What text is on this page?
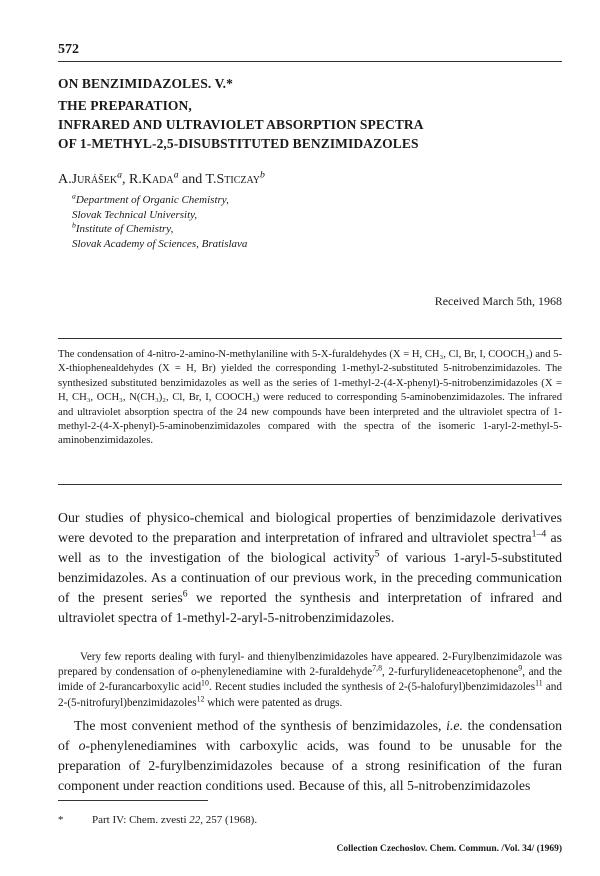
572
ON BENZIMIDAZOLES. V.*
THE PREPARATION,
INFRARED AND ULTRAVIOLET ABSORPTION SPECTRA
OF 1-METHYL-2,5-DISUBSTITUTED BENZIMIDAZOLES
A.Jurášek$^a$, R.Kada$^a$ and T.Sticzay$^b$
$^a$Department of Organic Chemistry,
Slovak Technical University,
$^b$Institute of Chemistry,
Slovak Academy of Sciences, Bratislava
Received March 5th, 1968
The condensation of 4-nitro-2-amino-N-methylaniline with 5-X-furaldehydes (X = H, CH₃, Cl, Br, I, COOCH₃) and 5-X-thiophenealdehydes (X = H, Br) yielded the corresponding 1-methyl-2-substituted 5-nitrobenzimidazoles. The synthesized substituted benzimidazoles as well as the series of 1-methyl-2-(4-X-phenyl)-5-nitrobenzimidazoles (X = H, CH₃, OCH₃, N(CH₃)₂, Cl, Br, I, COOCH₃) were reduced to corresponding 5-aminobenzimidazoles. The infrared and ultraviolet absorption spectra of the 24 new compounds have been interpreted and the ultraviolet spectra of 1-methyl-2-(4-X-phenyl)-5-aminobenzimidazoles compared with the spectra of the isomeric 1-aryl-2-methyl-5-aminobenzimidazoles.
Our studies of physico-chemical and biological properties of benzimidazole derivatives were devoted to the preparation and interpretation of infrared and ultraviolet spectra$^{1-4}$ as well as to the investigation of the biological activity$^5$ of various 1-aryl-5-substituted benzimidazoles. As a continuation of our previous work, in the preceding communication of the present series$^6$ we reported the synthesis and interpretation of infrared and ultraviolet spectra of 1-methyl-2-aryl-5-nitrobenzimidazoles.
Very few reports dealing with furyl- and thienylbenzimidazoles have appeared. 2-Furylbenzimidazole was prepared by condensation of o-phenylenediamine with 2-furaldehyde$^{7,8}$, 2-furfurylideneacetophenone$^9$, and the imide of 2-furancarboxylic acid$^{10}$. Recent studies included the synthesis of 2-(5-halofuryl)benzimidazoles$^{11}$ and 2-(5-nitrofuryl)benzimidazoles$^{12}$ which were patented as drugs.
The most convenient method of the synthesis of benzimidazoles, i.e. the condensation of o-phenylenediamines with carboxylic acids, was found to be unusable for the preparation of 2-furylbenzimidazoles because of a strong resinification of the furan component under reaction conditions used. Because of this, all 5-nitrobenzimidazoles
*	Part IV: Chem. zvesti 22, 257 (1968).
Collection Czechoslov. Chem. Commun. /Vol. 34/ (1969)
